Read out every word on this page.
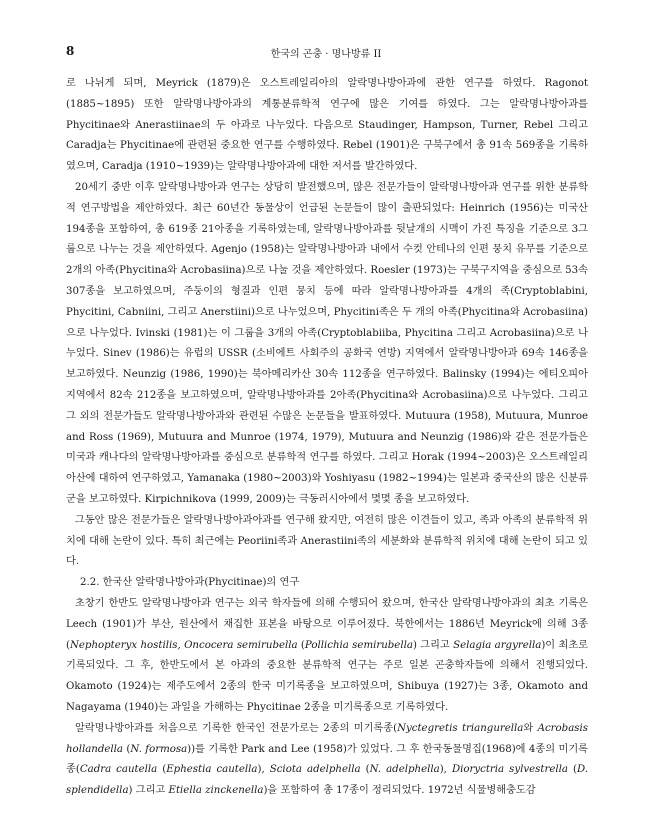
8	한국의 곤충 · 명나방류 II

로 나뉘게 되며, Meyrick (1879)은 오스트레일리아의 알락명나방아과에 관한 연구를 하였다. Ragonot (1885~1895) 또한 알락명나방아과의 계통분류학적 연구에 많은 기여를 하였다. 그는 알락명나방아과를 Phycitinae와 Anerastiinae의 두 아과로 나누었다. 다음으로 Staudinger, Hampson, Turner, Rebel 그리고 Caradja는 Phycitinae에 관련된 중요한 연구를 수행하였다. Rebel (1901)은 구북구에서 총 91속 569종을 기록하였으며, Caradja (1910~1939)는 알락명나방아과에 대한 저서를 발간하였다.

20세기 중반 이후 알락명나방아과 연구는 상당히 발전했으며, 많은 전문가들이 알락명나방아과 연구를 위한 분류학적 연구방법을 제안하였다. 최근 60년간 동물상이 언급된 논문들이 많이 출판되었다: Heinrich (1956)는 미국산 194종을 포함하여, 총 619종 21아종을 기록하였는데, 알락명나방아과를 뒷날개의 시맥이 가진 특징을 기준으로 3그룹으로 나누는 것을 제안하였다. Agenjo (1958)는 알락명나방아과 내에서 수컷 안테나의 인편 뭉치 유무를 기준으로 2개의 아족(Phycitina와 Acrobasiina)으로 나눌 것을 제안하였다. Roesler (1973)는 구북구지역을 중심으로 53속 307종을 보고하였으며, 주둥이의 형질과 인편 뭉치 등에 따라 알락명나방아과를 4개의 족(Cryptoblabini, Phycitini, Cabniini, 그리고 Anerstiini)으로 나누었으며, Phycitini족은 두 개의 아족(Phycitina와 Acrobasiina)으로 나누었다. Ivinski (1981)는 이 그룹을 3개의 아족(Cryptoblabiiba, Phycitina 그리고 Acrobasiina)으로 나누었다. Sinev (1986)는 유럽의 USSR (소비에트 사회주의 공화국 연방) 지역에서 알락명나방아과 69속 146종을 보고하였다. Neunzig (1986, 1990)는 북아메리카산 30속 112종을 연구하였다. Balinsky (1994)는 에티오피아 지역에서 82속 212종을 보고하였으며, 알락명나방아과를 2아족(Phycitina와 Acrobasiina)으로 나누었다. 그리고 그 외의 전문가들도 알락명나방아과와 관련된 수많은 논문들을 발표하였다. Mutuura (1958), Mutuura, Munroe and Ross (1969), Mutuura and Munroe (1974, 1979), Mutuura and Neunzig (1986)와 같은 전문가들은 미국과 캐나다의 알락명나방아과를 중심으로 분류학적 연구를 하였다. 그리고 Horak (1994~2003)은 오스트레일리아산에 대하여 연구하였고, Yamanaka (1980~2003)와 Yoshiyasu (1982~1994)는 일본과 중국산의 많은 신분류군을 보고하였다. Kirpichnikova (1999, 2009)는 극동러시아에서 몇몇 종을 보고하였다.

그동안 많은 전문가들은 알락명나방아과아과를 연구해 왔지만, 여전히 많은 이견들이 있고, 족과 아족의 분류학적 위치에 대해 논란이 있다. 특히 최근에는 Peoriini족과 Anerastiini족의 세분화와 분류학적 위치에 대해 논란이 되고 있다.

2.2. 한국산 알락명나방아과(Phycitinae)의 연구

초창기 한반도 알락명나방아과 연구는 외국 학자들에 의해 수행되어 왔으며, 한국산 알락명나방아과의 최초 기록은 Leech (1901)가 부산, 원산에서 채집한 표본을 바탕으로 이루어졌다. 북한에서는 1886년 Meyrick에 의해 3종(Nephopteryx hostilis, Oncocera semirubella (Pollichia semirubella) 그리고 Selagia argyrella)이 최초로 기록되었다. 그 후, 한반도에서 본 아과의 중요한 분류학적 연구는 주로 일본 곤충학자들에 의해서 진행되었다. Okamoto (1924)는 제주도에서 2종의 한국 미기록종을 보고하였으며, Shibuya (1927)는 3종, Okamoto and Nagayama (1940)는 과일을 가해하는 Phycitinae 2종을 미기록종으로 기록하였다.

알락명나방아과를 처음으로 기록한 한국인 전문가로는 2종의 미기록종(Nyctegretis triangurella와 Acrobasis hollandella (N. formosa))를 기록한 Park and Lee (1958)가 있었다. 그 후 한국동물명집(1968)에 4종의 미기록종(Cadra cautella (Ephestia cautella), Sciota adelphella (N. adelphella), Dioryctria sylvestrella (D. splendidella) 그리고 Etiella zinckenella)을 포함하여 총 17종이 정리되었다. 1972년 식물병해충도감
